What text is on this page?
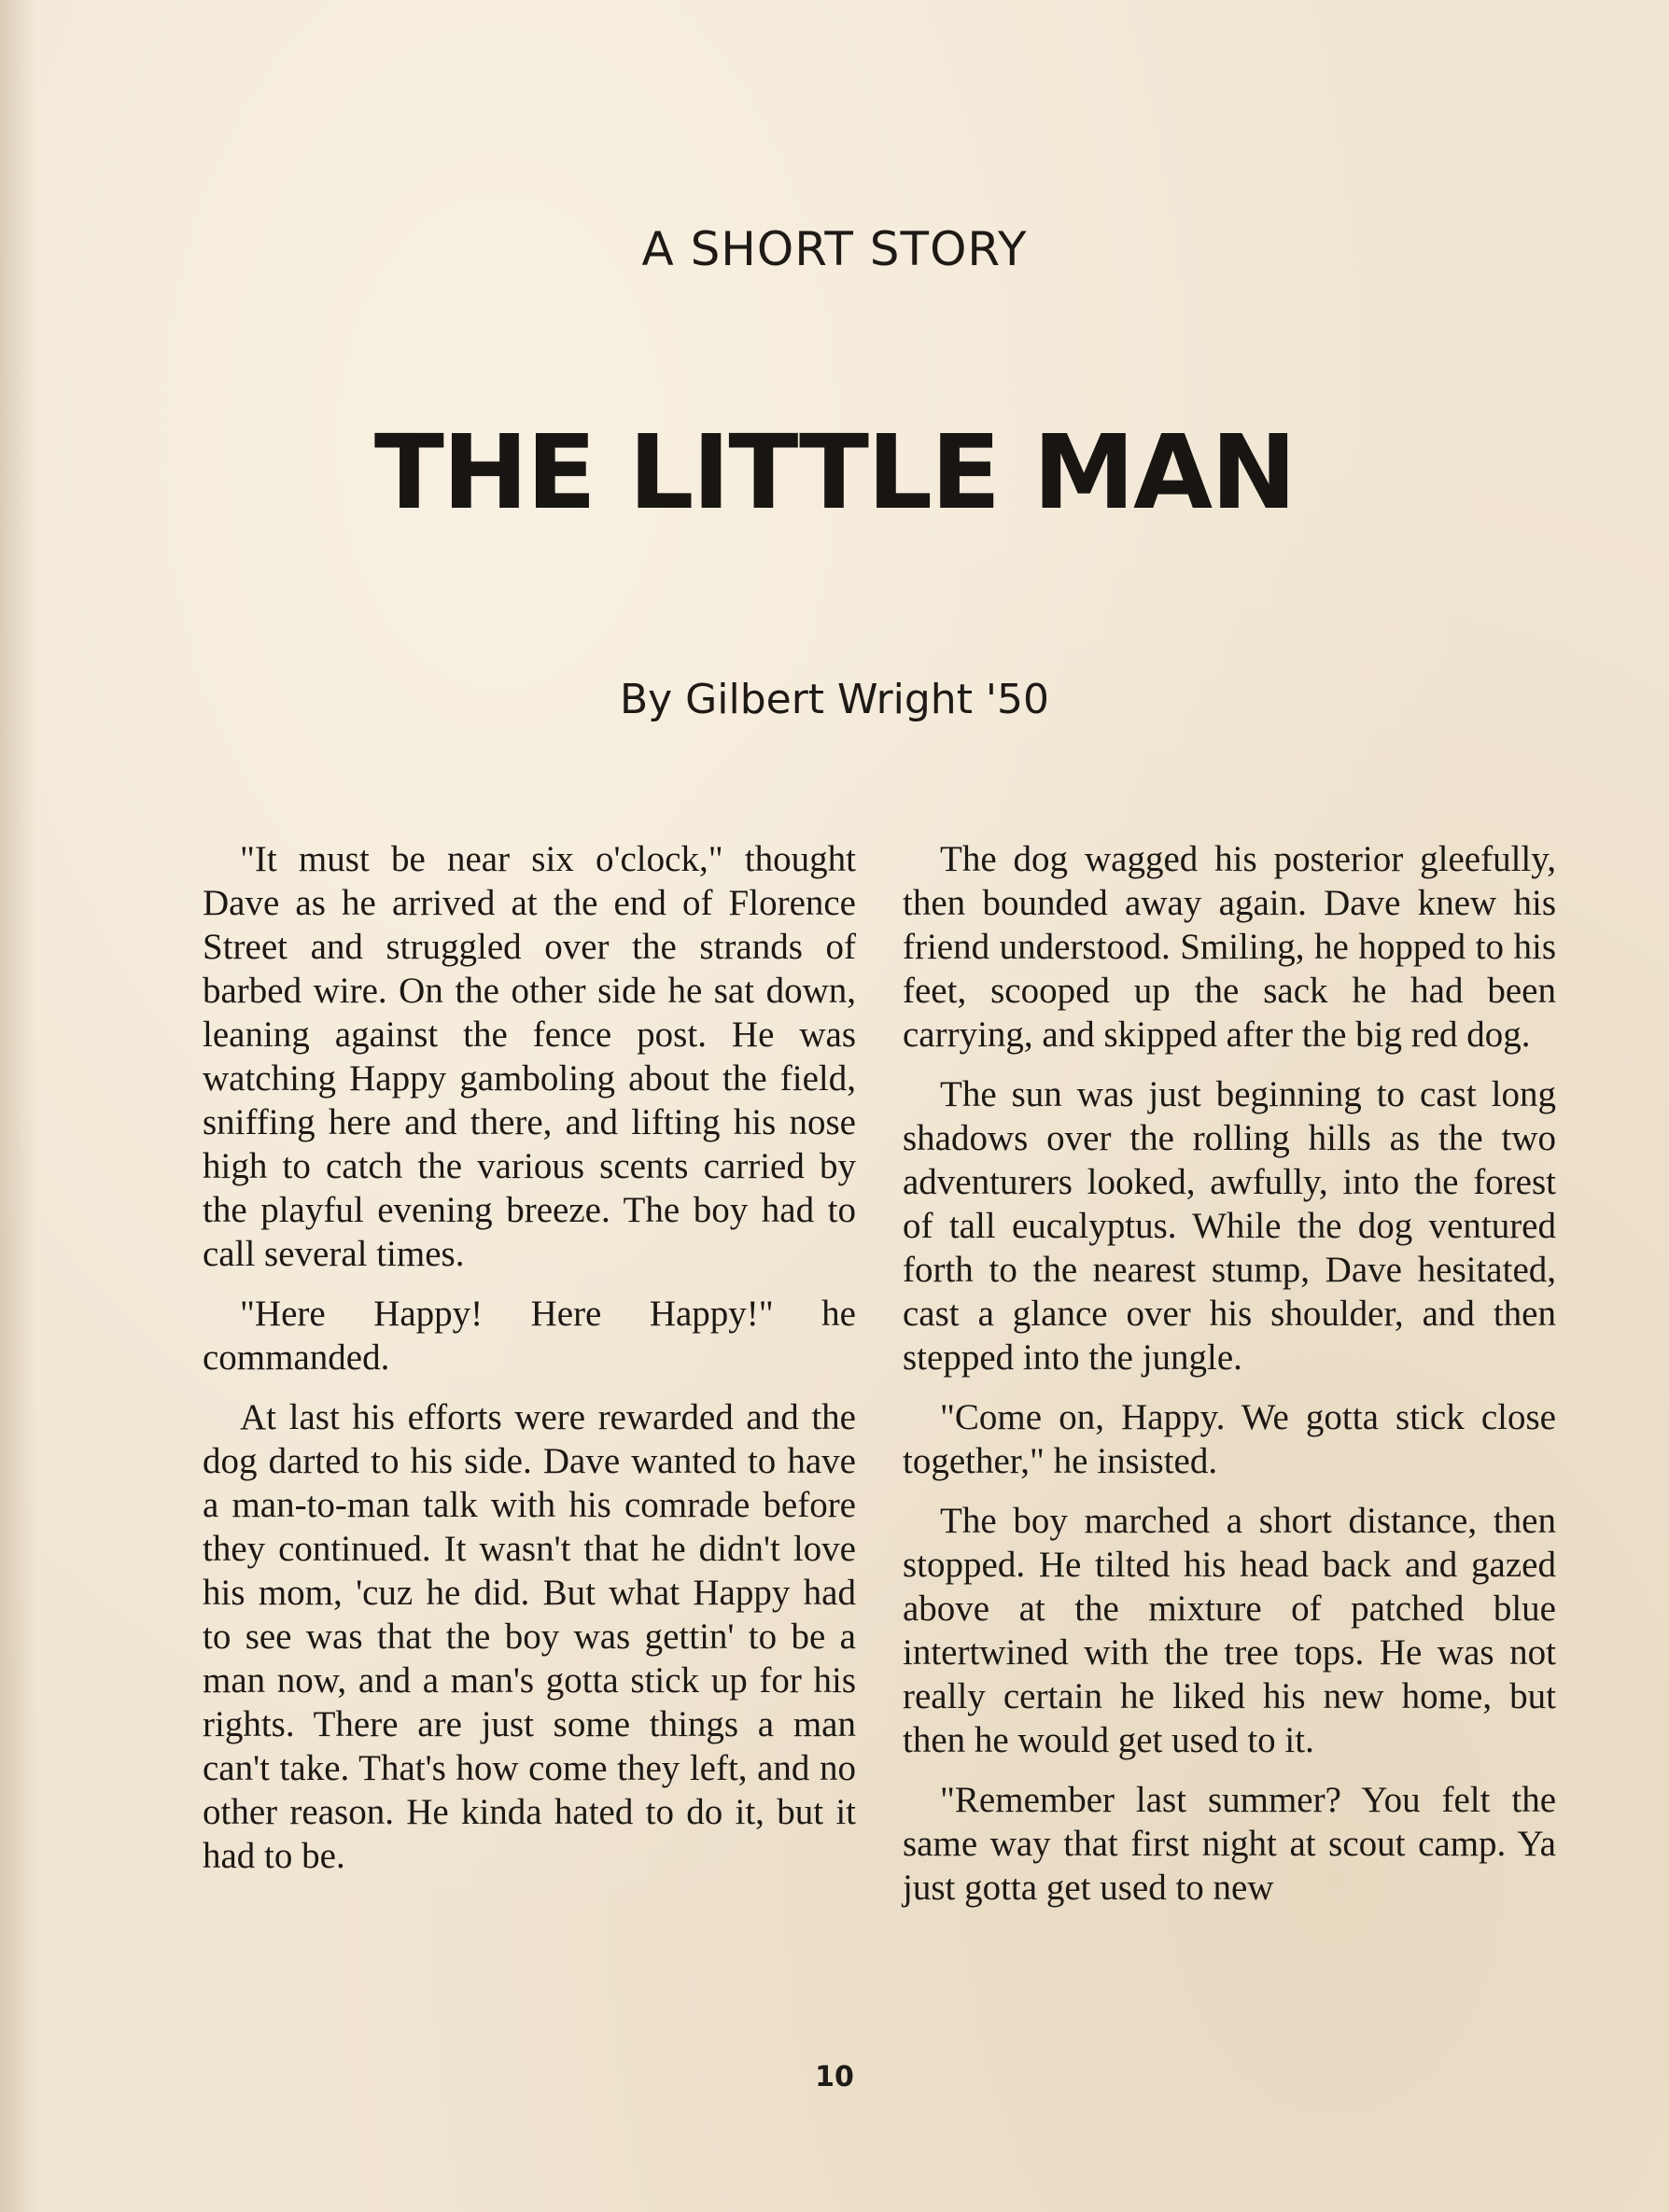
A SHORT STORY
THE LITTLE MAN
By Gilbert Wright '50

"It must be near six o'clock," thought Dave as he arrived at the end of Florence Street and struggled over the strands of barbed wire. On the other side he sat down, leaning against the fence post. He was watching Happy gamboling about the field, sniffing here and there, and lifting his nose high to catch the various scents carried by the playful evening breeze. The boy had to call several times.

"Here Happy! Here Happy!" he commanded.

At last his efforts were rewarded and the dog darted to his side. Dave wanted to have a man-to-man talk with his comrade before they continued. It wasn't that he didn't love his mom, 'cuz he did. But what Happy had to see was that the boy was gettin' to be a man now, and a man's gotta stick up for his rights. There are just some things a man can't take. That's how come they left, and no other reason. He kinda hated to do it, but it had to be.

The dog wagged his posterior gleefully, then bounded away again. Dave knew his friend understood. Smiling, he hopped to his feet, scooped up the sack he had been carrying, and skipped after the big red dog.

The sun was just beginning to cast long shadows over the rolling hills as the two adventurers looked, awfully, into the forest of tall eucalyptus. While the dog ventured forth to the nearest stump, Dave hesitated, cast a glance over his shoulder, and then stepped into the jungle.

"Come on, Happy. We gotta stick close together," he insisted.

The boy marched a short distance, then stopped. He tilted his head back and gazed above at the mixture of patched blue intertwined with the tree tops. He was not really certain he liked his new home, but then he would get used to it.

"Remember last summer? You felt the same way that first night at scout camp. Ya just gotta get used to new

10
